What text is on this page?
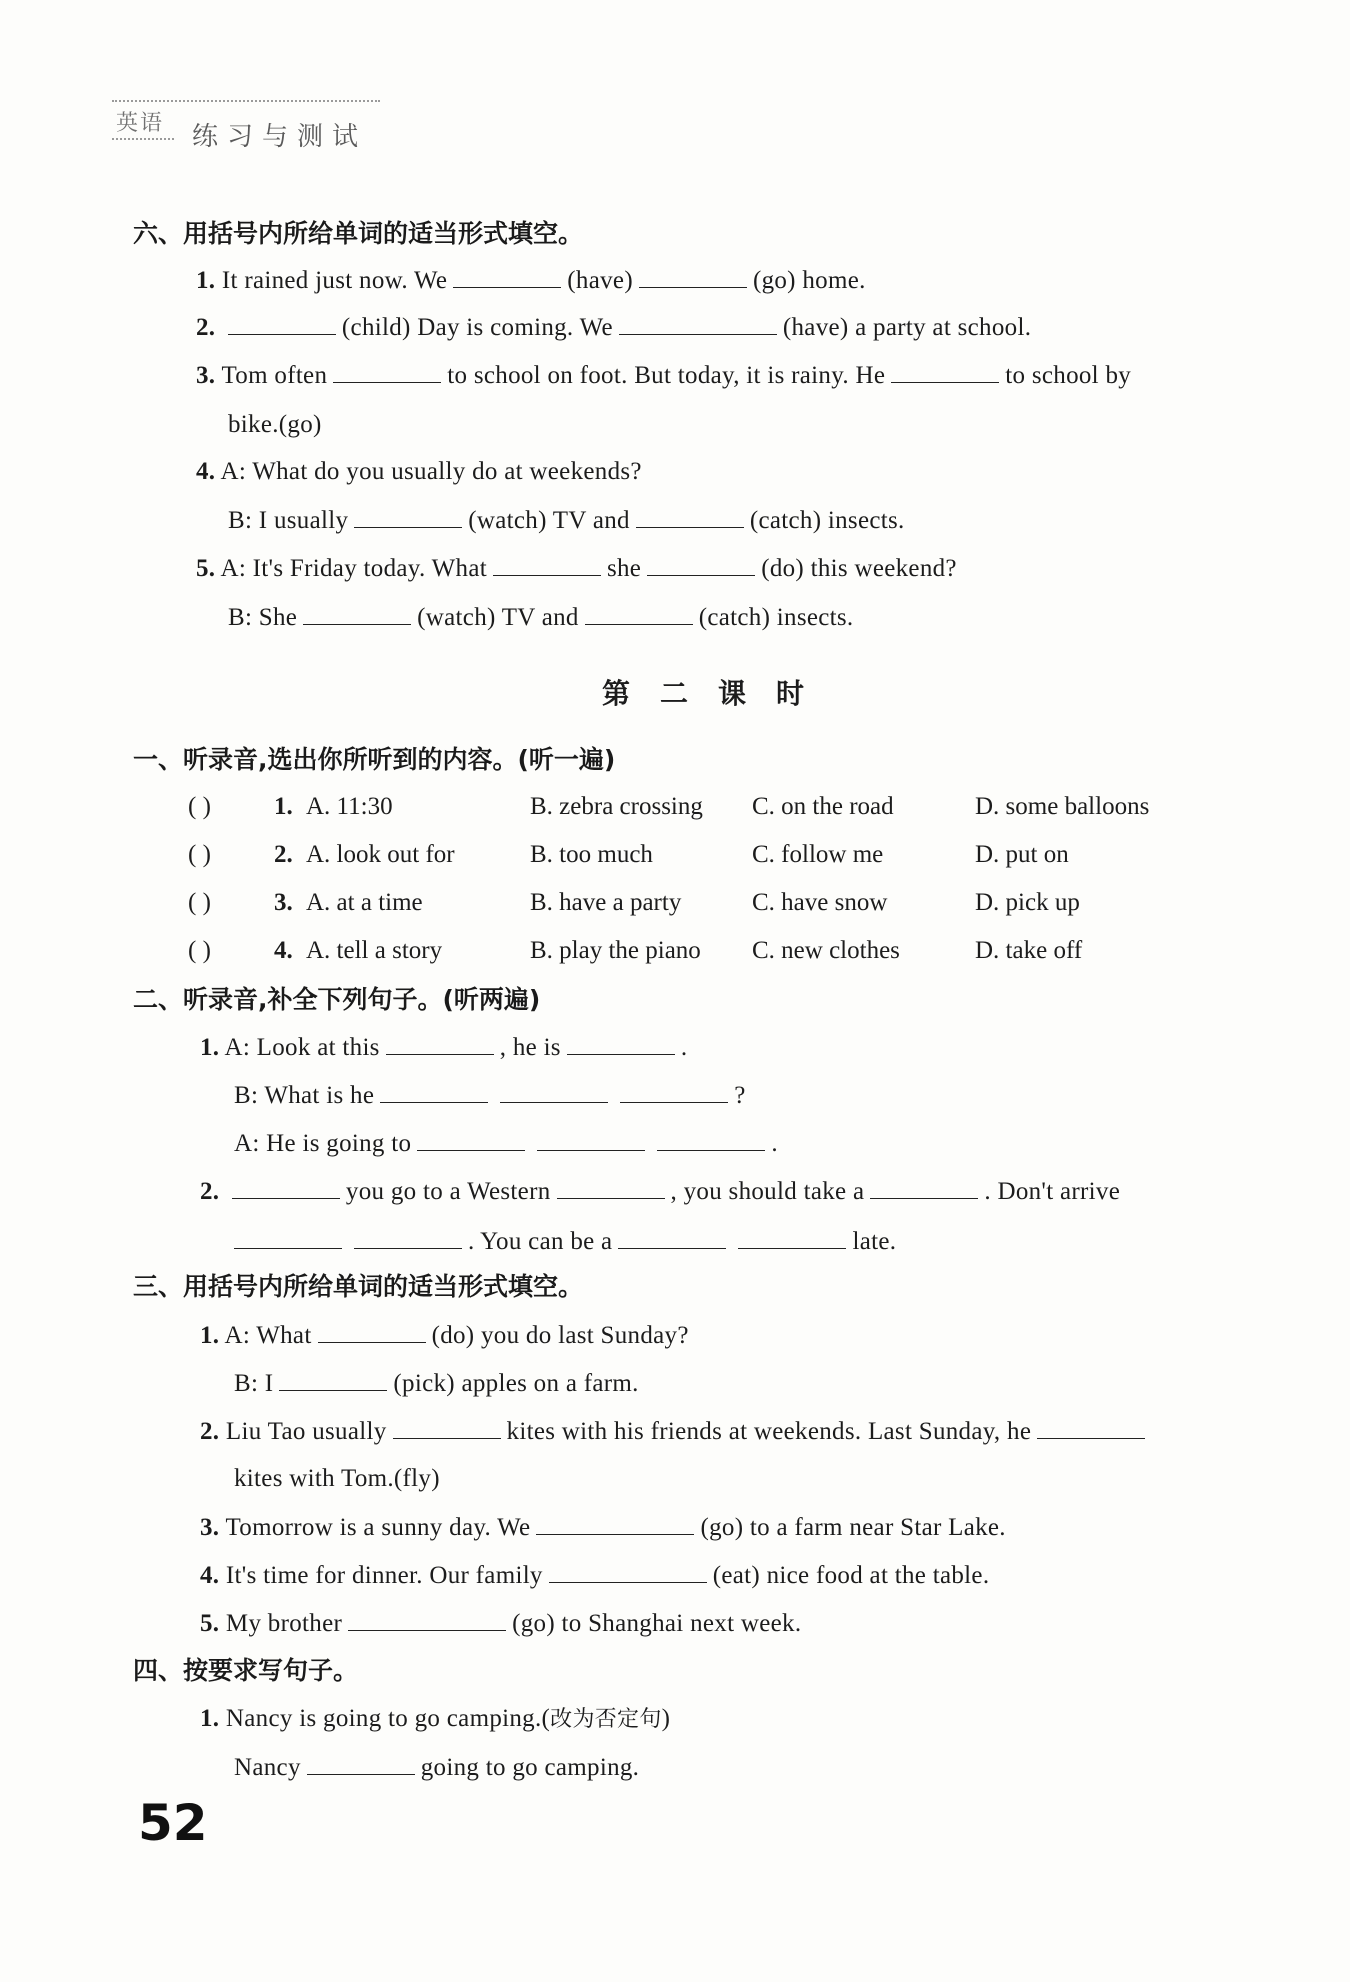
英语 练习与测试
六、用括号内所给单词的适当形式填空。
1. It rained just now. We	(have)	(go) home.
2.	(child) Day is coming. We	(have) a party at school.
3. Tom often	to school on foot. But today, it is rainy. He	to school by
bike.(go)
4. A: What do you usually do at weekends?
B: I usually	(watch) TV and	(catch) insects.
5. A: It's Friday today. What	she	(do) this weekend?
B: She	(watch) TV and	(catch) insects.
第二课时
一、听录音,选出你所听到的内容。(听一遍)
( )	1. A. 11:30	B. zebra crossing C. on the road	D. some balloons
( )	2. A. look out for	B. too much	C. follow me	D. put on
( )	3. A. at a time	B. have a party	C. have snow	D. pick up
( )	4. A. tell a story	B. play the piano C. new clothes	D. take off
二、听录音,补全下列句子。(听两遍)
1. A: Look at this	, he is	.
B: What is he	?
A: He is going to	.
2.	you go to a Western	, you should take a	. Don't arrive
. You can be a	late.
三、用括号内所给单词的适当形式填空。
1. A: What	(do) you do last Sunday?
B: I	(pick) apples on a farm.
2. Liu Tao usually	kites with his friends at weekends. Last Sunday, he
kites with Tom.(fly)
3. Tomorrow is a sunny day. We	(go) to a farm near Star Lake.
4. It's time for dinner. Our family	(eat) nice food at the table.
5. My brother	(go) to Shanghai next week.
四、按要求写句子。
1. Nancy is going to go camping.(改为否定句)
Nancy	going to go camping.
52
